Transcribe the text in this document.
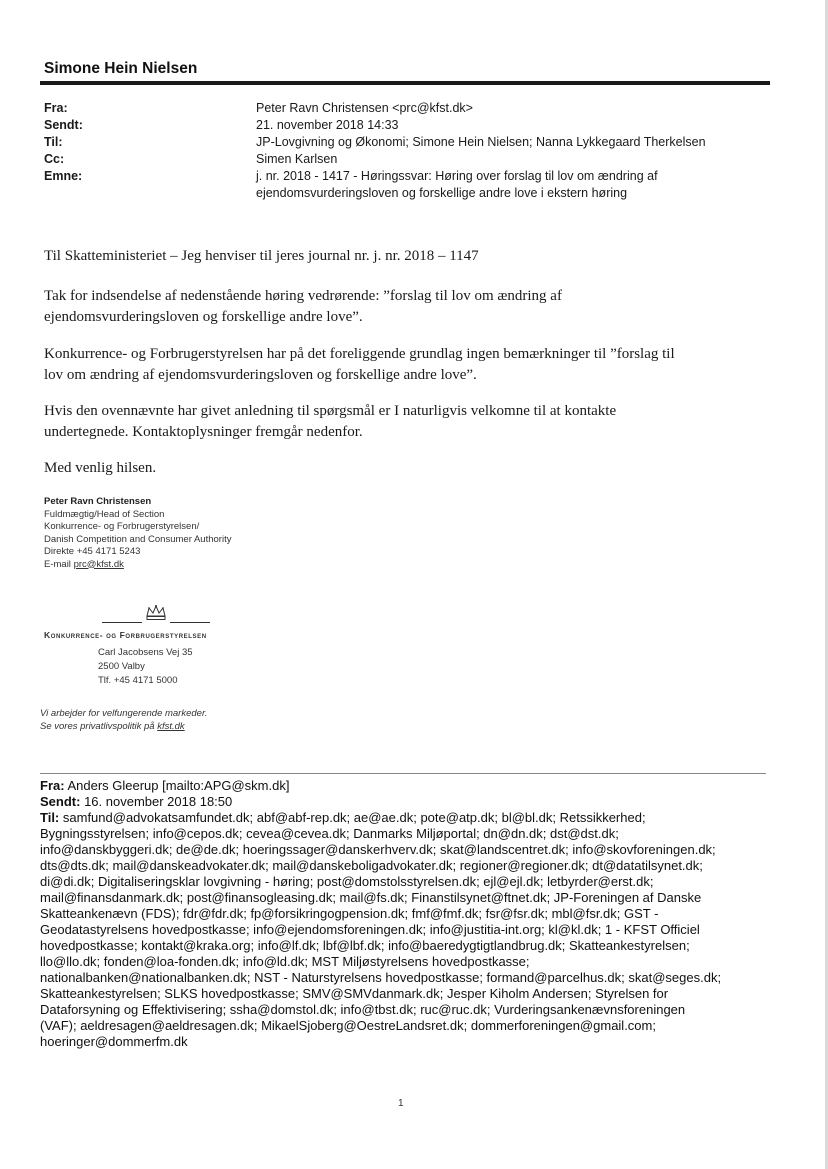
Simone Hein Nielsen
Fra:	Peter Ravn Christensen <prc@kfst.dk>
Sendt:	21. november 2018 14:33
Til:	JP-Lovgivning og Økonomi; Simone Hein Nielsen; Nanna Lykkegaard Therkelsen
Cc:	Simen Karlsen
Emne:	j. nr. 2018 - 1417 - Høringssvar: Høring over forslag til lov om ændring af
ejendomsvurderingsloven og forskellige andre love i ekstern høring

Til Skatteministeriet – Jeg henviser til jeres journal nr. j. nr. 2018 – 1147

Tak for indsendelse af nedenstående høring vedrørende: ”forslag til lov om ændring af

ejendomsvurderingsloven og forskellige andre love”.

Konkurrence- og Forbrugerstyrelsen har på det foreliggende grundlag ingen bemærkninger til ”forslag til

lov om ændring af ejendomsvurderingsloven og forskellige andre love”.

Hvis den ovennævnte har givet anledning til spørgsmål er I naturligvis velkomne til at kontakte

undertegnede. Kontaktoplysninger fremgår nedenfor.

Med venlig hilsen.

Peter Ravn Christensen
Fuldmægtig/Head of Section
Konkurrence- og Forbrugerstyrelsen/
Danish Competition and Consumer Authority
Direkte +45 4171 5243
E-mail prc@kfst.dk
Konkurrence- og Forbrugerstyrelsen
Carl Jacobsens Vej 35
2500 Valby
Tlf. +45 4171 5000
Vi arbejder for velfungerende markeder.
Se vores privatlivspolitik på kfst.dk
Fra: Anders Gleerup [mailto:APG@skm.dk]
Sendt: 16. november 2018 18:50
Til: samfund@advokatsamfundet.dk; abf@abf-rep.dk; ae@ae.dk; pote@atp.dk; bl@bl.dk; Retssikkerhed;
Bygningsstyrelsen; info@cepos.dk; cevea@cevea.dk; Danmarks Miljøportal; dn@dn.dk; dst@dst.dk;
info@danskbyggeri.dk; de@de.dk; hoeringssager@danskerhverv.dk; skat@landscentret.dk; info@skovforeningen.dk;
dts@dts.dk; mail@danskeadvokater.dk; mail@danskeboligadvokater.dk; regioner@regioner.dk; dt@datatilsynet.dk;
di@di.dk; Digitaliseringsklar lovgivning - høring; post@domstolsstyrelsen.dk; ejl@ejl.dk; letbyrder@erst.dk;
mail@finansdanmark.dk; post@finansogleasing.dk; mail@fs.dk; Finanstilsynet@ftnet.dk; JP-Foreningen af Danske
Skatteankenævn (FDS); fdr@fdr.dk; fp@forsikringogpension.dk; fmf@fmf.dk; fsr@fsr.dk; mbl@fsr.dk; GST -
Geodatastyrelsens hovedpostkasse; info@ejendomsforeningen.dk; info@justitia-int.org; kl@kl.dk; 1 - KFST Officiel
hovedpostkasse; kontakt@kraka.org; info@lf.dk; lbf@lbf.dk; info@baeredygtigtlandbrug.dk; Skatteankestyrelsen;
llo@llo.dk; fonden@loa-fonden.dk; info@ld.dk; MST Miljøstyrelsens hovedpostkasse;
nationalbanken@nationalbanken.dk; NST - Naturstyrelsens hovedpostkasse; formand@parcelhus.dk; skat@seges.dk;
Skatteankestyrelsen; SLKS hovedpostkasse; SMV@SMVdanmark.dk; Jesper Kiholm Andersen; Styrelsen for
Dataforsyning og Effektivisering; ssha@domstol.dk; info@tbst.dk; ruc@ruc.dk; Vurderingsankenævnsforeningen
(VAF); aeldresagen@aeldresagen.dk; MikaelSjoberg@OestreLandsret.dk; dommerforeningen@gmail.com;
hoeringer@dommerfm.dk
1
